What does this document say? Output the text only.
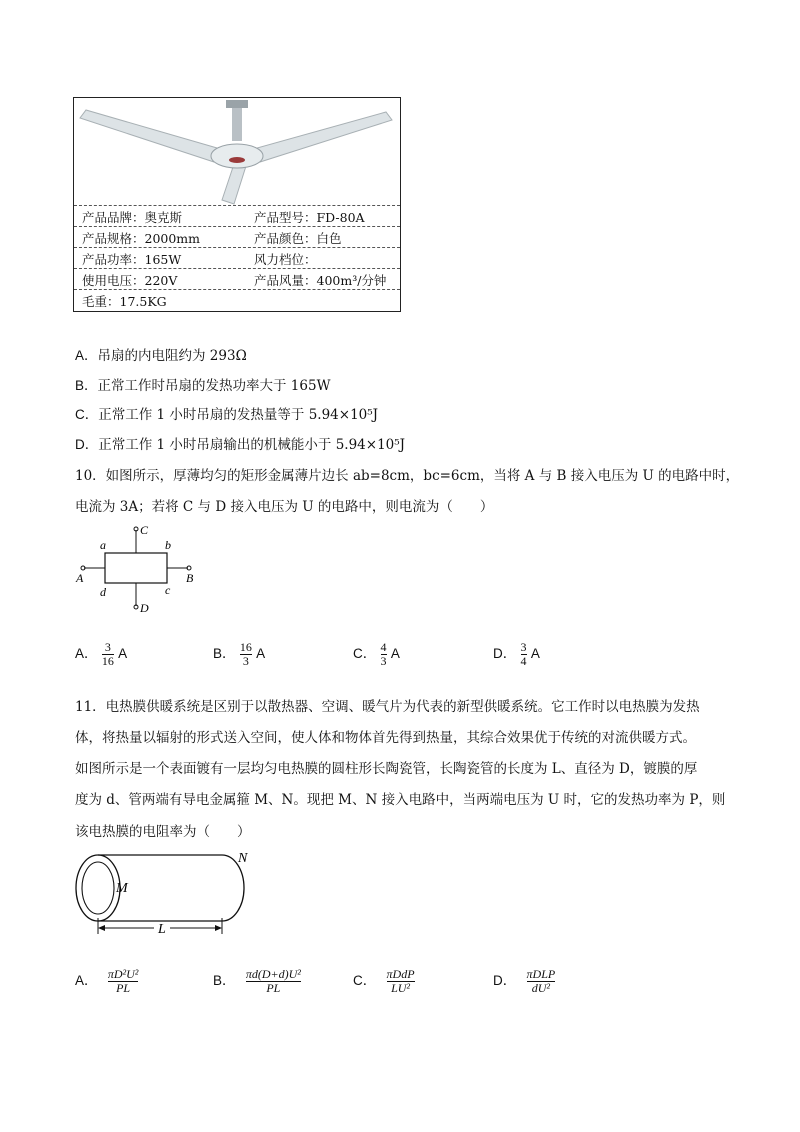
产品品牌：奥克斯	产品型号：FD-80A
产品规格：2000mm	产品颜色：白色
产品功率：165W	风力档位：
使用电压：220V	产品风量：400m³/分钟
毛重：17.5KG
A．吊扇的内电阻约为 293Ω
B．正常工作时吊扇的发热功率大于 165W
C．正常工作 1 小时吊扇的发热量等于 5.94×10⁵J
D．正常工作 1 小时吊扇输出的机械能小于 5.94×10⁵J
10．如图所示，厚薄均匀的矩形金属薄片边长 ab=8cm，bc=6cm，当将 A 与 B 接入电压为 U 的电路中时，
电流为 3A；若将 C 与 D 接入电压为 U 的电路中，则电流为（　　）
C
a	b
A	B
d	c
D
A． $\frac{3}{16}$ A	B． $\frac{16}{3}$ A	C． $\frac{4}{3}$ A	D． $\frac{3}{4}$ A
11．电热膜供暖系统是区别于以散热器、空调、暖气片为代表的新型供暖系统。它工作时以电热膜为发热
体，将热量以辐射的形式送入空间，使人体和物体首先得到热量，其综合效果优于传统的对流供暖方式。
如图所示是一个表面镀有一层均匀电热膜的圆柱形长陶瓷管，长陶瓷管的长度为 L、直径为 D，镀膜的厚
度为 d、管两端有导电金属箍 M、N。现把 M、N 接入电路中，当两端电压为 U 时，它的发热功率为 P，则
该电热膜的电阻率为（　　）
M
N
L
A． $\frac{\text{πD²U²}}{PL}$	B． $\frac{\text{πd(D+d)U²}}{PL}$	C． $\frac{\text{πDdP}}{\text{LU²}}$	D． $\frac{\text{πDLP}}{\text{dU²}}$
